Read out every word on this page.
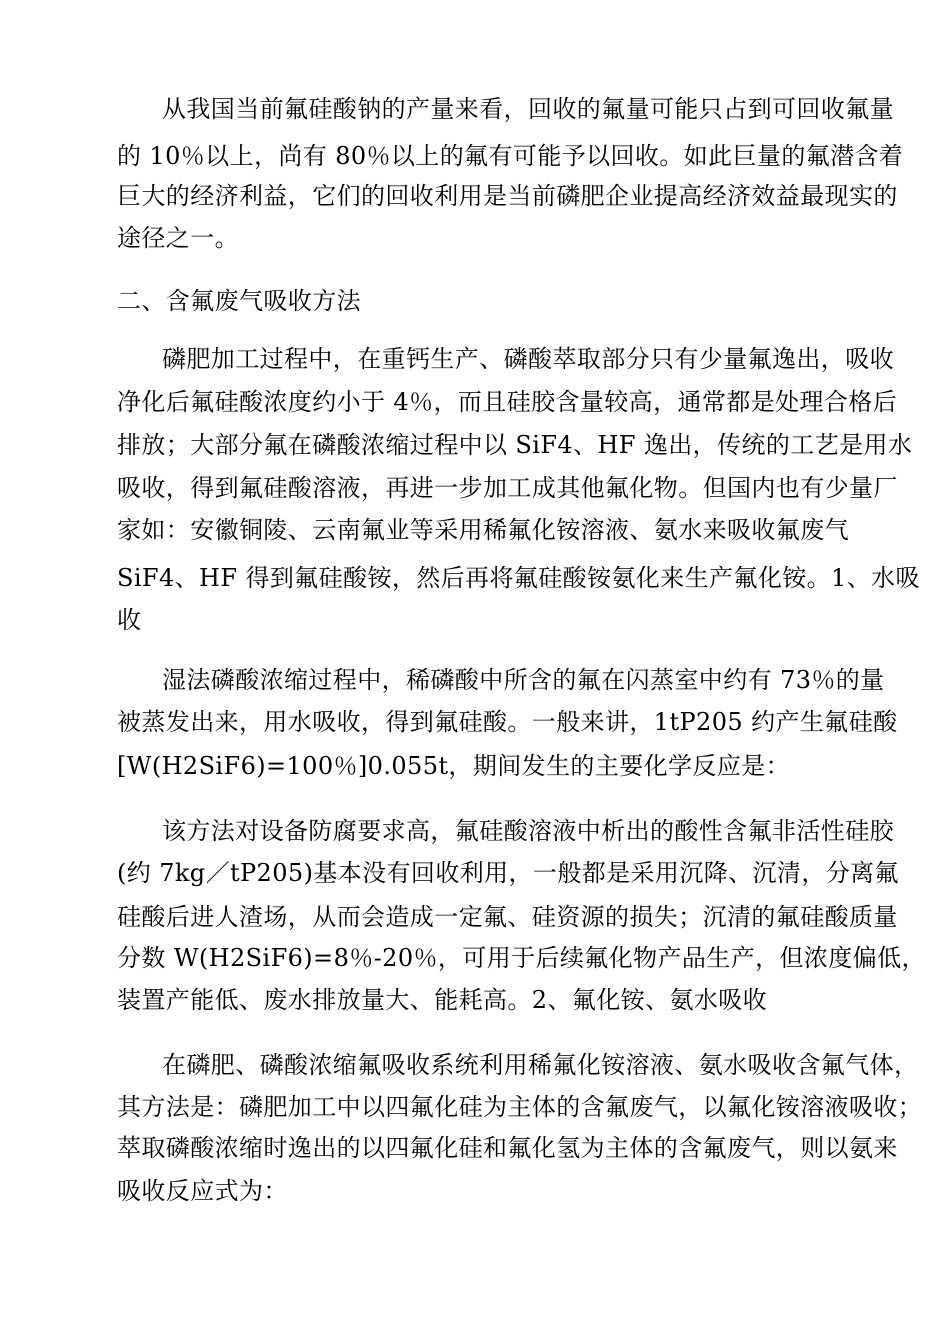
从我国当前氟硅酸钠的产量来看，回收的氟量可能只占到可回收氟量
的 10％以上，尚有 80％以上的氟有可能予以回收。如此巨量的氟潜含着
巨大的经济利益，它们的回收利用是当前磷肥企业提高经济效益最现实的
途径之一。
二、含氟废气吸收方法
磷肥加工过程中，在重钙生产、磷酸萃取部分只有少量氟逸出，吸收
净化后氟硅酸浓度约小于 4％，而且硅胶含量较高，通常都是处理合格后
排放；大部分氟在磷酸浓缩过程中以 SiF4、HF 逸出，传统的工艺是用水
吸收，得到氟硅酸溶液，再进一步加工成其他氟化物。但国内也有少量厂
家如：安徽铜陵、云南氟业等采用稀氟化铵溶液、氨水来吸收氟废气
SiF4、HF 得到氟硅酸铵，然后再将氟硅酸铵氨化来生产氟化铵。1、水吸
收
湿法磷酸浓缩过程中，稀磷酸中所含的氟在闪蒸室中约有 73％的量
被蒸发出来，用水吸收，得到氟硅酸。一般来讲，1tP205 约产生氟硅酸
[W(H2SiF6)=100％]0.055t，期间发生的主要化学反应是：
该方法对设备防腐要求高，氟硅酸溶液中析出的酸性含氟非活性硅胶
(约 7kg／tP205)基本没有回收利用，一般都是采用沉降、沉清，分离氟
硅酸后进人渣场，从而会造成一定氟、硅资源的损失；沉清的氟硅酸质量
分数 W(H2SiF6)=8％-20％，可用于后续氟化物产品生产，但浓度偏低，
装置产能低、废水排放量大、能耗高。2、氟化铵、氨水吸收
在磷肥、磷酸浓缩氟吸收系统利用稀氟化铵溶液、氨水吸收含氟气体，
其方法是：磷肥加工中以四氟化硅为主体的含氟废气，以氟化铵溶液吸收；
萃取磷酸浓缩时逸出的以四氟化硅和氟化氢为主体的含氟废气，则以氨来
吸收反应式为：
